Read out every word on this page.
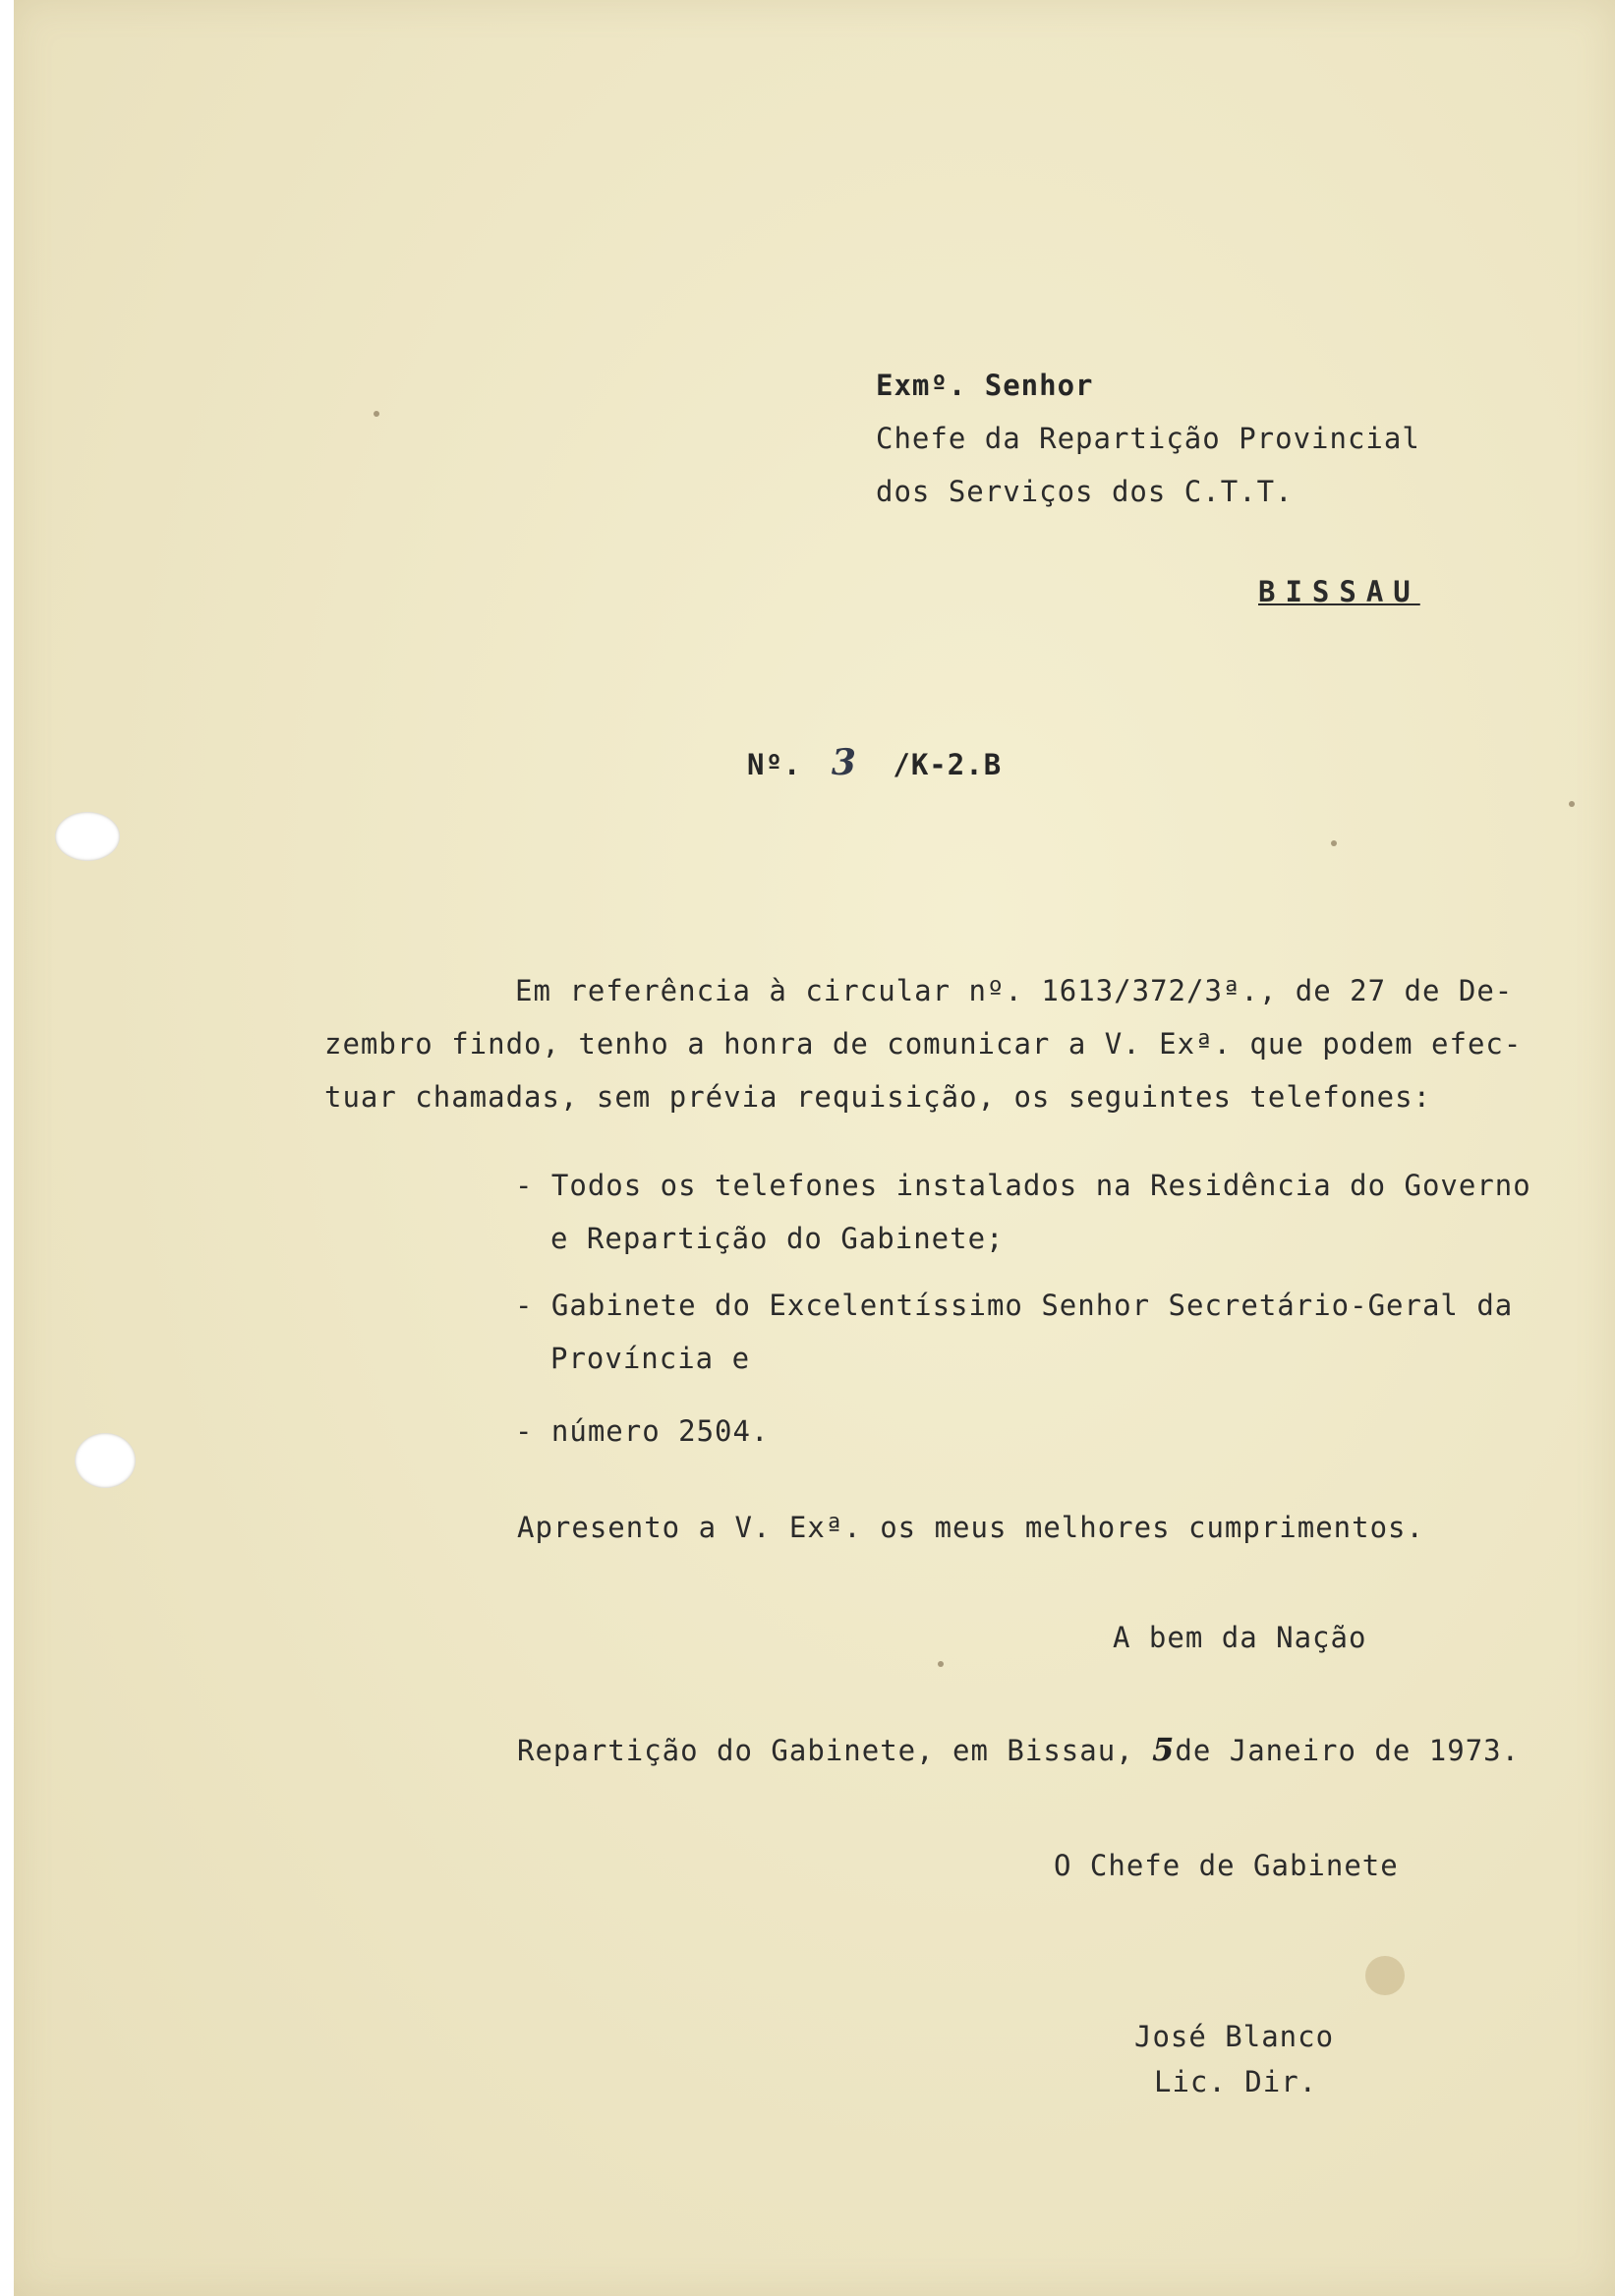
Exmº. Senhor

Chefe da Repartição Provincial

dos Serviços dos C.T.T.

BISSAU

Nº. 3 /K-2.B

Em referência à circular nº. 1613/372/3ª., de 27 de De-

zembro findo, tenho a honra de comunicar a V. Exª. que podem efec-

tuar chamadas, sem prévia requisição, os seguintes telefones:

- Todos os telefones instalados na Residência do Governo

e Repartição do Gabinete;

- Gabinete do Excelentíssimo Senhor Secretário-Geral da

Província e

- número 2504.

Apresento a V. Exª. os meus melhores cumprimentos.

A bem da Nação

Repartição do Gabinete, em Bissau, 5de Janeiro de 1973.

O Chefe de Gabinete

José Blanco

Lic. Dir.
